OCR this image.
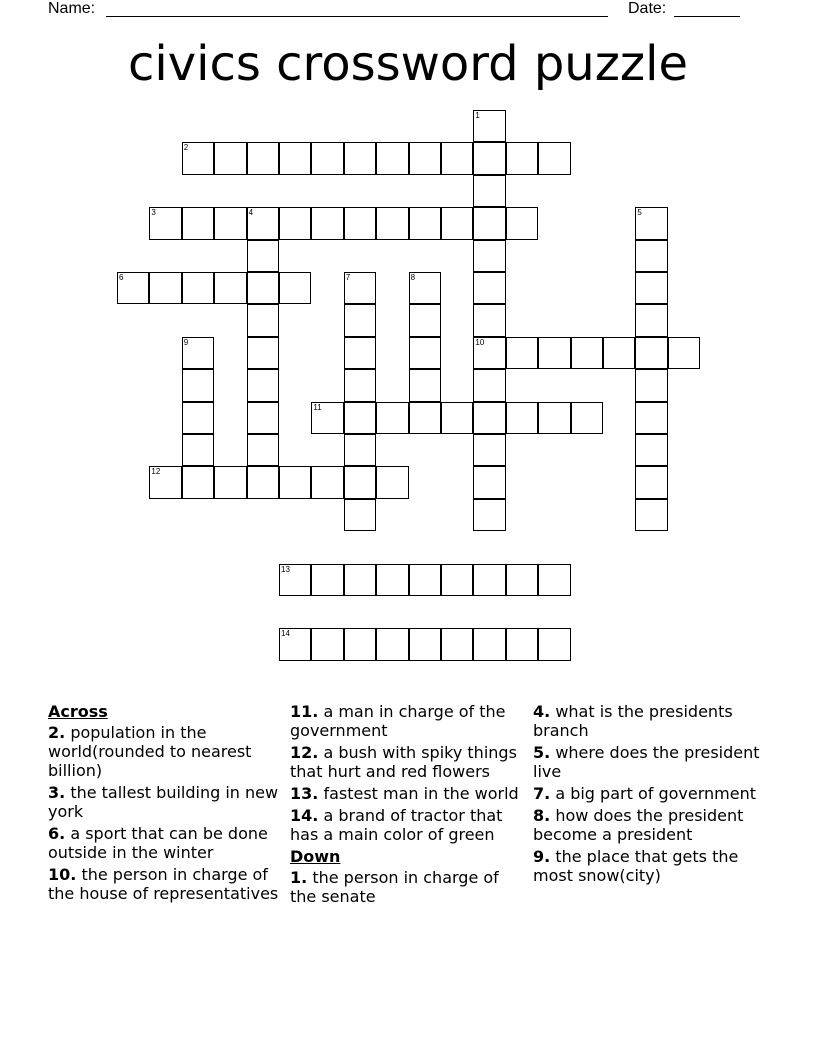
Name:	Date:
civics crossword puzzle
1
10
2
3	4	5
6	7	8
9
11
12
13
14
Across
2. population in the world(rounded to nearest billion)
3. the tallest building in new york
6. a sport that can be done outside in the winter
10. the person in charge of the house of representatives
11. a man in charge of the government
12. a bush with spiky things that hurt and red flowers
13. fastest man in the world
14. a brand of tractor that has a main color of green
Down
1. the person in charge of the senate
4. what is the presidents branch
5. where does the president live
7. a big part of government
8. how does the president become a president
9. the place that gets the most snow(city)
